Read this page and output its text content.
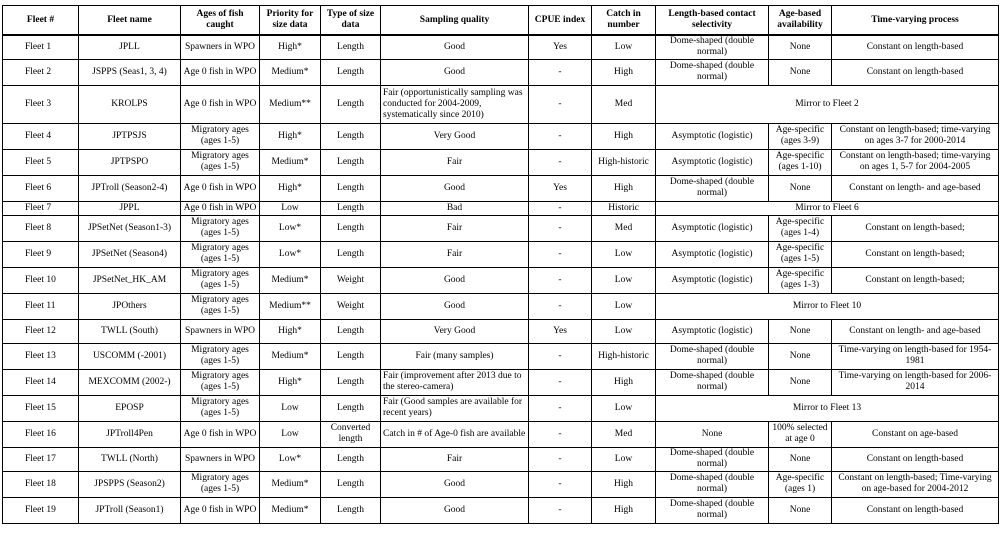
Fleet #	Fleet name	Ages of fish caught	Priority for size data	Type of size data	Sampling quality	CPUE index	Catch in number	Length-based contact selectivity	Age-based availability	Time-varying process
Fleet 1	JPLL	Spawners in WPO	High*	Length	Good	Yes	Low	Dome-shaped (double normal)	None	Constant on length-based
Fleet 2	JSPPS (Seas1, 3, 4)	Age 0 fish in WPO	Medium*	Length	Good	-	High	Dome-shaped (double normal)	None	Constant on length-based
Fleet 3	KROLPS	Age 0 fish in WPO	Medium**	Length	Fair (opportunistically sampling was conducted for 2004-2009, systematically since 2010)	-	Med	Mirror to Fleet 2		
Fleet 4	JPTPSJS	Migratory ages (ages 1-5)	High*	Length	Very Good	-	High	Asymptotic (logistic)	Age-specific (ages 3-9)	Constant on length-based; time-varying on ages 3-7 for 2000-2014
Fleet 5	JPTPSPO	Migratory ages (ages 1-5)	Medium*	Length	Fair	-	High-historic	Asymptotic (logistic)	Age-specific (ages 1-10)	Constant on length-based; time-varying on ages 1, 5-7 for 2004-2005
Fleet 6	JPTroll (Season2-4)	Age 0 fish in WPO	High*	Length	Good	Yes	High	Dome-shaped (double normal)	None	Constant on length- and age-based
Fleet 7	JPPL	Age 0 fish in WPO	Low	Length	Bad	-	Historic	Mirror to Fleet 6		
Fleet 8	JPSetNet (Season1-3)	Migratory ages (ages 1-5)	Low*	Length	Fair	-	Med	Asymptotic (logistic)	Age-specific (ages 1-4)	Constant on length-based;
Fleet 9	JPSetNet (Season4)	Migratory ages (ages 1-5)	Low*	Length	Fair	-	Low	Asymptotic (logistic)	Age-specific (ages 1-5)	Constant on length-based;
Fleet 10	JPSetNet_HK_AM	Migratory ages (ages 1-5)	Medium*	Weight	Good	-	Low	Asymptotic (logistic)	Age-specific (ages 1-3)	Constant on length-based;
Fleet 11	JPOthers	Migratory ages (ages 1-5)	Medium**	Weight	Good	-	Low	Mirror to Fleet 10		
Fleet 12	TWLL (South)	Spawners in WPO	High*	Length	Very Good	Yes	Low	Asymptotic (logistic)	None	Constant on length- and age-based
Fleet 13	USCOMM (-2001)	Migratory ages (ages 1-5)	Medium*	Length	Fair (many samples)	-	High-historic	Dome-shaped (double normal)	None	Time-varying on length-based for 1954-1981
Fleet 14	MEXCOMM (2002-)	Migratory ages (ages 1-5)	High*	Length	Fair (improvement after 2013 due to the stereo-camera)	-	High	Dome-shaped (double normal)	None	Time-varying on length-based for 2006-2014
Fleet 15	EPOSP	Migratory ages (ages 1-5)	Low	Length	Fair (Good samples are available for recent years)	-	Low	Mirror to Fleet 13		
Fleet 16	JPTroll4Pen	Age 0 fish in WPO	Low	Converted length	Catch in # of Age-0 fish are available	-	Med	None	100% selected at age 0	Constant on age-based
Fleet 17	TWLL (North)	Spawners in WPO	Low*	Length	Fair	-	Low	Dome-shaped (double normal)	None	Constant on length-based
Fleet 18	JPSPPS (Season2)	Migratory ages (ages 1-5)	Medium*	Length	Good	-	High	Dome-shaped (double normal)	Age-specific (ages 1)	Constant on length-based; Time-varying on age-based for 2004-2012
Fleet 19	JPTroll (Season1)	Age 0 fish in WPO	Medium*	Length	Good	-	High	Dome-shaped (double normal)	None	Constant on length-based
